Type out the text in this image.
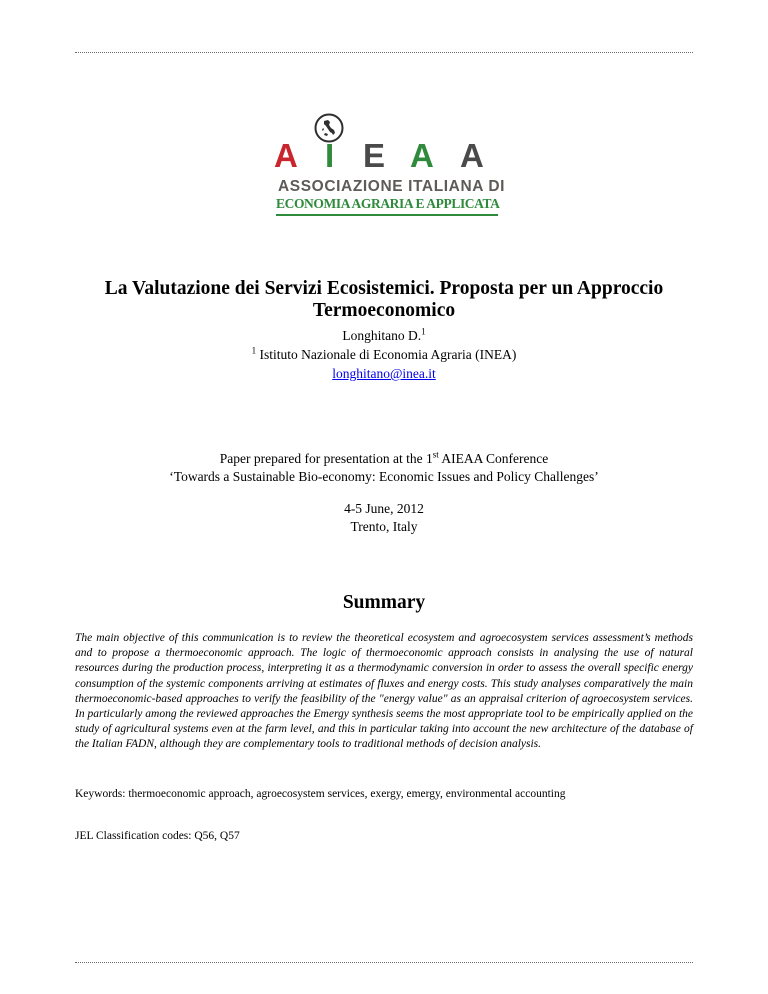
A I E A A
ASSOCIAZIONE ITALIANA DI
ECONOMIA AGRARIA E APPLICATA
La Valutazione dei Servizi Ecosistemici. Proposta per un Approccio
Termoeconomico
Longhitano D.$^1$
$^1$ Istituto Nazionale di Economia Agraria (INEA)
longhitano@inea.it
Paper prepared for presentation at the 1st AIEAA Conference
‘Towards a Sustainable Bio-economy: Economic Issues and Policy Challenges’
4-5 June, 2012
Trento, Italy
Summary
The main objective of this communication is to review the theoretical ecosystem and agroecosystem services assessment’s methods and to propose a thermoeconomic approach. The logic of thermoeconomic approach consists in analysing the use of natural resources during the production process, interpreting it as a thermodynamic conversion in order to assess the overall specific energy consumption of the systemic components arriving at estimates of fluxes and energy costs. This study analyses comparatively the main thermoeconomic-based approaches to verify the feasibility of the "energy value" as an appraisal criterion of agroecosystem services. In particularly among the reviewed approaches the Emergy synthesis seems the most appropriate tool to be empirically applied on the study of agricultural systems even at the farm level, and this in particular taking into account the new architecture of the database of the Italian FADN, although they are complementary tools to traditional methods of decision analysis.
Keywords: thermoeconomic approach, agroecosystem services, exergy, emergy, environmental accounting
JEL Classification codes: Q56, Q57
